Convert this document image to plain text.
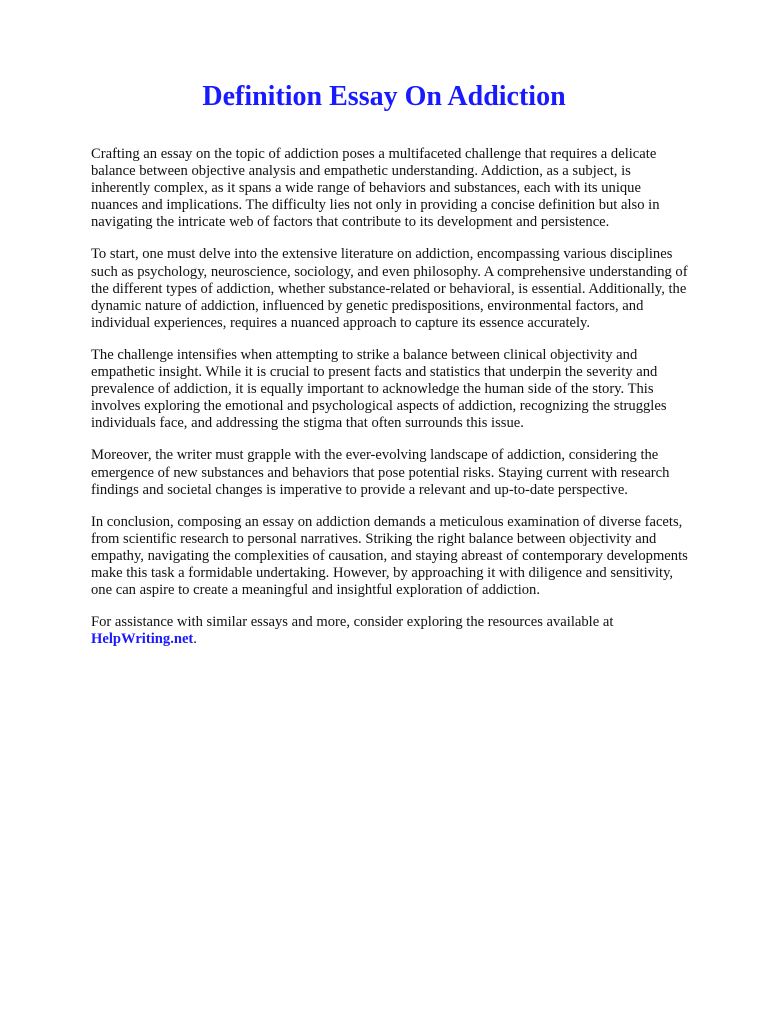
Definition Essay On Addiction

Crafting an essay on the topic of addiction poses a multifaceted challenge that requires a delicate balance between objective analysis and empathetic understanding. Addiction, as a subject, is inherently complex, as it spans a wide range of behaviors and substances, each with its unique nuances and implications. The difficulty lies not only in providing a concise definition but also in navigating the intricate web of factors that contribute to its development and persistence.

To start, one must delve into the extensive literature on addiction, encompassing various disciplines such as psychology, neuroscience, sociology, and even philosophy. A comprehensive understanding of the different types of addiction, whether substance-related or behavioral, is essential. Additionally, the dynamic nature of addiction, influenced by genetic predispositions, environmental factors, and individual experiences, requires a nuanced approach to capture its essence accurately.

The challenge intensifies when attempting to strike a balance between clinical objectivity and empathetic insight. While it is crucial to present facts and statistics that underpin the severity and prevalence of addiction, it is equally important to acknowledge the human side of the story. This involves exploring the emotional and psychological aspects of addiction, recognizing the struggles individuals face, and addressing the stigma that often surrounds this issue.

Moreover, the writer must grapple with the ever-evolving landscape of addiction, considering the emergence of new substances and behaviors that pose potential risks. Staying current with research findings and societal changes is imperative to provide a relevant and up-to-date perspective.

In conclusion, composing an essay on addiction demands a meticulous examination of diverse facets, from scientific research to personal narratives. Striking the right balance between objectivity and empathy, navigating the complexities of causation, and staying abreast of contemporary developments make this task a formidable undertaking. However, by approaching it with diligence and sensitivity, one can aspire to create a meaningful and insightful exploration of addiction.

For assistance with similar essays and more, consider exploring the resources available at
HelpWriting.net.
